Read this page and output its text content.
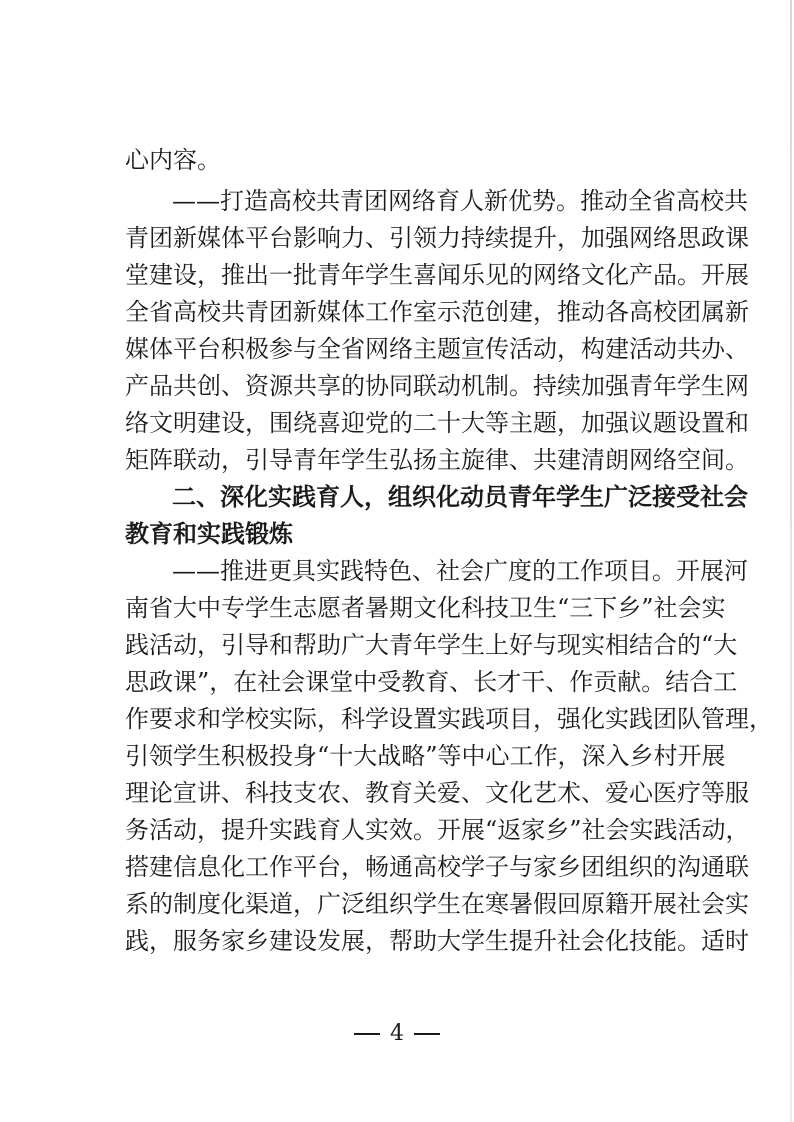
心内容。
——打造高校共青团网络育人新优势。推动全省高校共
青团新媒体平台影响力、引领力持续提升，加强网络思政课
堂建设，推出一批青年学生喜闻乐见的网络文化产品。开展
全省高校共青团新媒体工作室示范创建，推动各高校团属新
媒体平台积极参与全省网络主题宣传活动，构建活动共办、
产品共创、资源共享的协同联动机制。持续加强青年学生网
络文明建设，围绕喜迎党的二十大等主题，加强议题设置和
矩阵联动，引导青年学生弘扬主旋律、共建清朗网络空间。
二、深化实践育人，组织化动员青年学生广泛接受社会
教育和实践锻炼
——推进更具实践特色、社会广度的工作项目。开展河
南省大中专学生志愿者暑期文化科技卫生“三下乡”社会实
践活动，引导和帮助广大青年学生上好与现实相结合的“大
思政课”，在社会课堂中受教育、长才干、作贡献。结合工
作要求和学校实际，科学设置实践项目，强化实践团队管理，
引领学生积极投身“十大战略”等中心工作，深入乡村开展
理论宣讲、科技支农、教育关爱、文化艺术、爱心医疗等服
务活动，提升实践育人实效。开展“返家乡”社会实践活动，
搭建信息化工作平台，畅通高校学子与家乡团组织的沟通联
系的制度化渠道，广泛组织学生在寒暑假回原籍开展社会实
践，服务家乡建设发展，帮助大学生提升社会化技能。适时
4
